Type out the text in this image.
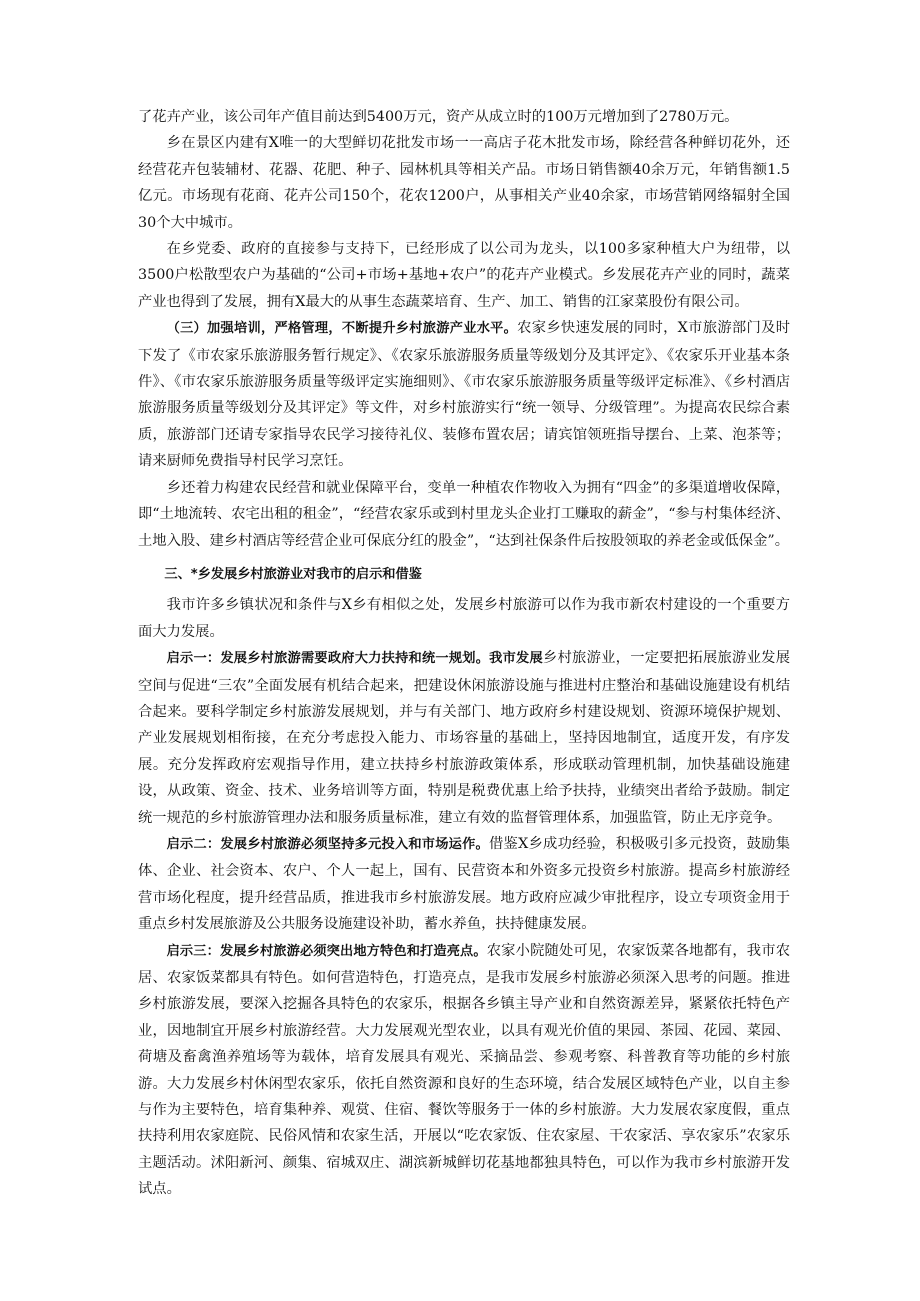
了花卉产业，该公司年产值目前达到5400万元，资产从成立时的100万元增加到了2780万元。

乡在景区内建有X唯一的大型鲜切花批发市场一一高店子花木批发市场，除经营各种鲜切花外，还经营花卉包装辅材、花器、花肥、种子、园林机具等相关产品。市场日销售额40余万元，年销售额1.5亿元。市场现有花商、花卉公司150个，花农1200户，从事相关产业40余家，市场营销网络辐射全国30个大中城市。

在乡党委、政府的直接参与支持下，已经形成了以公司为龙头，以100多家种植大户为纽带，以3500户松散型农户为基础的“公司+市场+基地+农户”的花卉产业模式。乡发展花卉产业的同时，蔬菜产业也得到了发展，拥有X最大的从事生态蔬菜培育、生产、加工、销售的江家菜股份有限公司。

（三）加强培训，严格管理，不断提升乡村旅游产业水平。农家乡快速发展的同时，X市旅游部门及时下发了《市农家乐旅游服务暂行规定》、《农家乐旅游服务质量等级划分及其评定》、《农家乐开业基本条件》、《市农家乐旅游服务质量等级评定实施细则》、《市农家乐旅游服务质量等级评定标准》、《乡村酒店旅游服务质量等级划分及其评定》等文件，对乡村旅游实行“统一领导、分级管理”。为提高农民综合素质，旅游部门还请专家指导农民学习接待礼仪、装修布置农居；请宾馆领班指导摆台、上菜、泡茶等；请来厨师免费指导村民学习烹饪。

乡还着力构建农民经营和就业保障平台，变单一种植农作物收入为拥有“四金”的多渠道增收保障，即“土地流转、农宅出租的租金”，“经营农家乐或到村里龙头企业打工赚取的薪金”，“参与村集体经济、土地入股、建乡村酒店等经营企业可保底分红的股金”，“达到社保条件后按股领取的养老金或低保金”。

三、*乡发展乡村旅游业对我市的启示和借鉴

我市许多乡镇状况和条件与X乡有相似之处，发展乡村旅游可以作为我市新农村建设的一个重要方面大力发展。

启示一：发展乡村旅游需要政府大力扶持和统一规划。我市发展乡村旅游业，一定要把拓展旅游业发展空间与促进“三农”全面发展有机结合起来，把建设休闲旅游设施与推进村庄整治和基础设施建设有机结合起来。要科学制定乡村旅游发展规划，并与有关部门、地方政府乡村建设规划、资源环境保护规划、产业发展规划相衔接，在充分考虑投入能力、市场容量的基础上，坚持因地制宜，适度开发，有序发展。充分发挥政府宏观指导作用，建立扶持乡村旅游政策体系，形成联动管理机制，加快基础设施建设，从政策、资金、技术、业务培训等方面，特别是税费优惠上给予扶持，业绩突出者给予鼓励。制定统一规范的乡村旅游管理办法和服务质量标准，建立有效的监督管理体系，加强监管，防止无序竞争。

启示二：发展乡村旅游必须坚持多元投入和市场运作。借鉴X乡成功经验，积极吸引多元投资，鼓励集体、企业、社会资本、农户、个人一起上，国有、民营资本和外资多元投资乡村旅游。提高乡村旅游经营市场化程度，提升经营品质，推进我市乡村旅游发展。地方政府应减少审批程序，设立专项资金用于重点乡村发展旅游及公共服务设施建设补助，蓄水养鱼，扶持健康发展。

启示三：发展乡村旅游必须突出地方特色和打造亮点。农家小院随处可见，农家饭菜各地都有，我市农居、农家饭菜都具有特色。如何营造特色，打造亮点，是我市发展乡村旅游必须深入思考的问题。推进乡村旅游发展，要深入挖掘各具特色的农家乐，根据各乡镇主导产业和自然资源差异，紧紧依托特色产业，因地制宜开展乡村旅游经营。大力发展观光型农业，以具有观光价值的果园、茶园、花园、菜园、荷塘及畜禽渔养殖场等为载体，培育发展具有观光、采摘品尝、参观考察、科普教育等功能的乡村旅游。大力发展乡村休闲型农家乐，依托自然资源和良好的生态环境，结合发展区域特色产业，以自主参与作为主要特色，培育集种养、观赏、住宿、餐饮等服务于一体的乡村旅游。大力发展农家度假，重点扶持利用农家庭院、民俗风情和农家生活，开展以“吃农家饭、住农家屋、干农家活、享农家乐”农家乐主题活动。沭阳新河、颜集、宿城双庄、湖滨新城鲜切花基地都独具特色，可以作为我市乡村旅游开发试点。
